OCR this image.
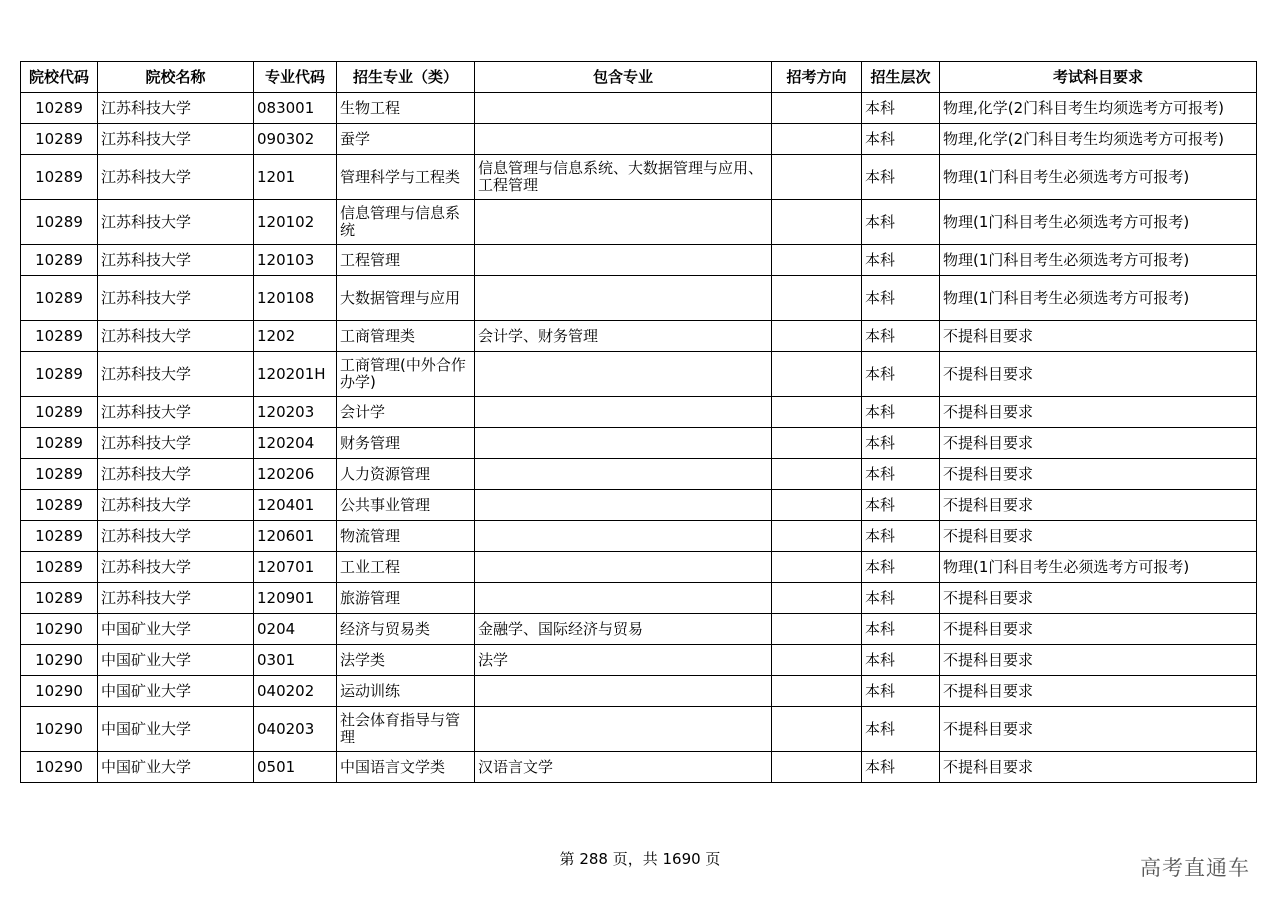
院校代码	院校名称	专业代码	招生专业（类）	包含专业	招考方向	招生层次	考试科目要求
10289	江苏科技大学	083001	生物工程			本科	物理,化学(2门科目考生均须选考方可报考)
10289	江苏科技大学	090302	蚕学			本科	物理,化学(2门科目考生均须选考方可报考)
10289	江苏科技大学	1201	管理科学与工程类	信息管理与信息系统、大数据管理与应用、工程管理		本科	物理(1门科目考生必须选考方可报考)
10289	江苏科技大学	120102	信息管理与信息系统			本科	物理(1门科目考生必须选考方可报考)
10289	江苏科技大学	120103	工程管理			本科	物理(1门科目考生必须选考方可报考)
10289	江苏科技大学	120108	大数据管理与应用			本科	物理(1门科目考生必须选考方可报考)
10289	江苏科技大学	1202	工商管理类	会计学、财务管理		本科	不提科目要求
10289	江苏科技大学	120201H	工商管理(中外合作办学)			本科	不提科目要求
10289	江苏科技大学	120203	会计学			本科	不提科目要求
10289	江苏科技大学	120204	财务管理			本科	不提科目要求
10289	江苏科技大学	120206	人力资源管理			本科	不提科目要求
10289	江苏科技大学	120401	公共事业管理			本科	不提科目要求
10289	江苏科技大学	120601	物流管理			本科	不提科目要求
10289	江苏科技大学	120701	工业工程			本科	物理(1门科目考生必须选考方可报考)
10289	江苏科技大学	120901	旅游管理			本科	不提科目要求
10290	中国矿业大学	0204	经济与贸易类	金融学、国际经济与贸易		本科	不提科目要求
10290	中国矿业大学	0301	法学类	法学		本科	不提科目要求
10290	中国矿业大学	040202	运动训练			本科	不提科目要求
10290	中国矿业大学	040203	社会体育指导与管理			本科	不提科目要求
10290	中国矿业大学	0501	中国语言文学类	汉语言文学		本科	不提科目要求
第 288 页，共 1690 页	高考直通车
